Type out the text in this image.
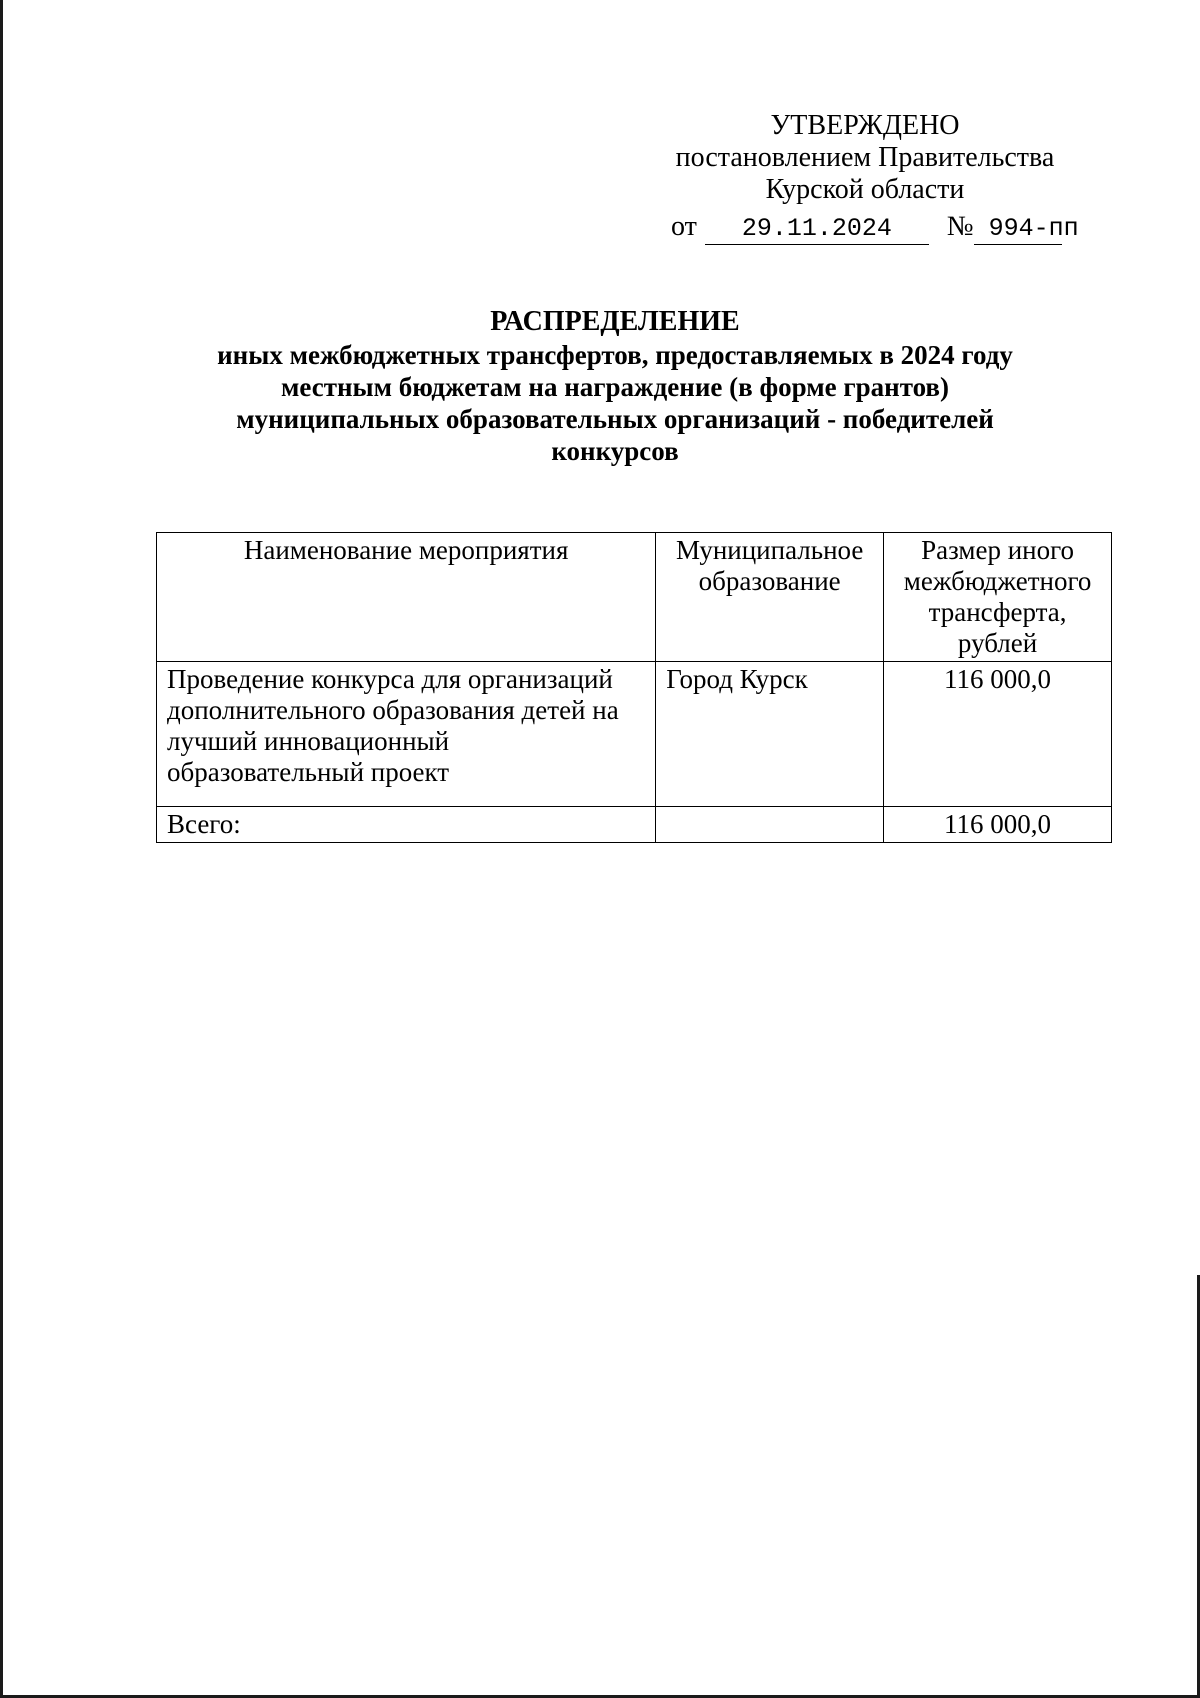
УТВЕРЖДЕНО
постановлением Правительства
Курской области
от 29.11.2024 № 994-пп
РАСПРЕДЕЛЕНИЕ
иных межбюджетных трансфертов, предоставляемых в 2024 году
местным бюджетам на награждение (в форме грантов)
муниципальных образовательных организаций - победителей
конкурсов
Наименование мероприятия	Муниципальное образование	Размер иного межбюджетного трансферта, рублей
Проведение конкурса для организаций дополнительного образования детей на лучший инновационный образовательный проект	Город Курск	116 000,0
Всего:		116 000,0
